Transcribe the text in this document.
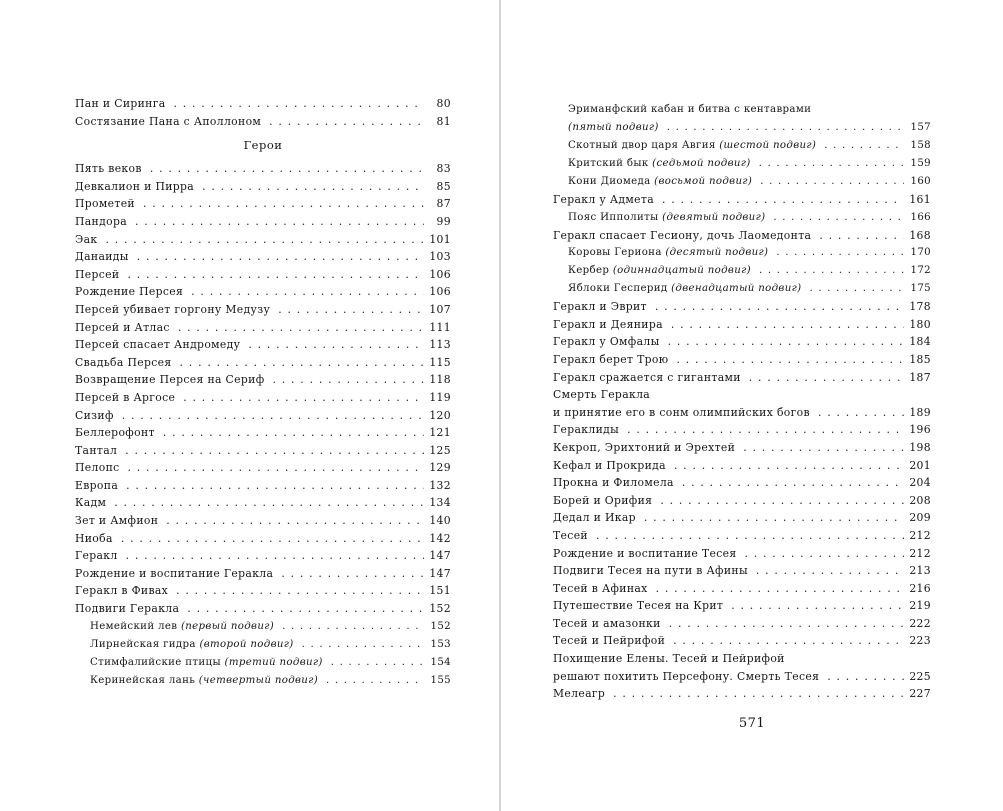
Пан и Сиринга . . .	80
Состязание Пана с Аполлоном . . .	81
Герои
Пять веков . . .	83
Девкалион и Пирра . . .	85
Прометей . . .	87
Пандора . . .	99
Эак . . .	101
Данаиды . . .	103
Персей . . .	106
Рождение Персея . . .	106
Персей убивает горгону Медузу . . .	107
Персей и Атлас . . .	111
Персей спасает Андромеду . . .	113
Свадьба Персея . . .	115
Возвращение Персея на Сериф . . .	118
Персей в Аргосе . . .	119
Сизиф . . .	120
Беллерофонт . . .	121
Тантал . . .	125
Пелопс . . .	129
Европа . . .	132
Кадм . . .	134
Зет и Амфион . . .	140
Ниоба . . .	142
Геракл . . .	147
Рождение и воспитание Геракла . . .	147
Геракл в Фивах . . .	151
Подвиги Геракла . . .	152
Немейский лев (первый подвиг) . . .	152
Лирнейская гидра (второй подвиг) . . .	153
Стимфалийские птицы (третий подвиг) . . .	154
Керинейская лань (четвертый подвиг) . . .	155
Эриманфский кабан и битва с кентаврами
(пятый подвиг) . . .	157
Скотный двор царя Авгия (шестой подвиг) . . .	158
Критский бык (седьмой подвиг) . . .	159
Кони Диомеда (восьмой подвиг) . . .	160
Геракл у Адмета . . .	161
Пояс Ипполиты (девятый подвиг) . . .	166
Геракл спасает Гесиону, дочь Лаомедонта . . .	168
Коровы Гериона (десятый подвиг) . . .	170
Кербер (одиннадцатый подвиг) . . .	172
Яблоки Гесперид (двенадцатый подвиг) . . .	175
Геракл и Эврит . . .	178
Геракл и Деянира . . .	180
Геракл у Омфалы . . .	184
Геракл берет Трою . . .	185
Геракл сражается с гигантами . . .	187
Смерть Геракла
и принятие его в сонм олимпийских богов . . .	189
Гераклиды . . .	196
Кекроп, Эрихтоний и Эрехтей . . .	198
Кефал и Прокрида . . .	201
Прокна и Филомела . . .	204
Борей и Орифия . . .	208
Дедал и Икар . . .	209
Тесей . . .	212
Рождение и воспитание Тесея . . .	212
Подвиги Тесея на пути в Афины . . .	213
Тесей в Афинах . . .	216
Путешествие Тесея на Крит . . .	219
Тесей и амазонки . . .	222
Тесей и Пейрифой . . .	223
Похищение Елены. Тесей и Пейрифой
решают похитить Персефону. Смерть Тесея . . .	225
Мелеагр . . .	227
571
